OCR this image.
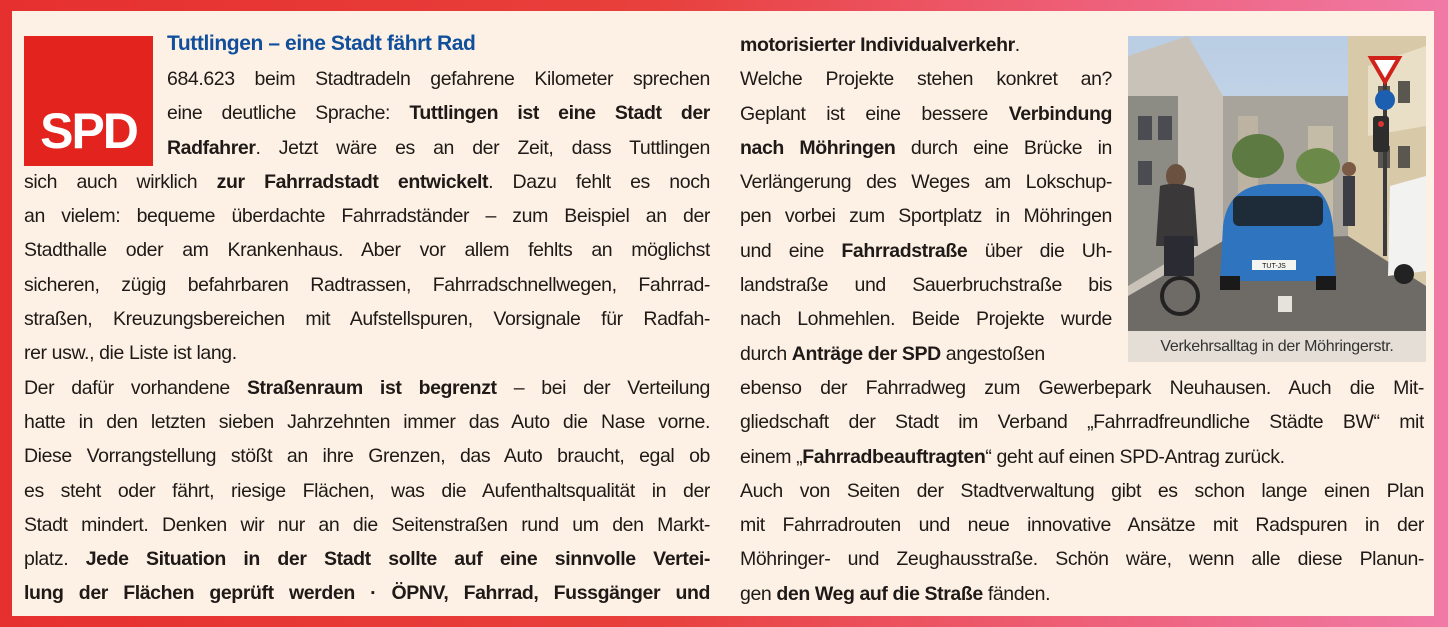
SPD
Tuttlingen – eine Stadt fährt Rad
684.623 beim Stadtradeln gefahrene Kilometer sprechen
eine deutliche Sprache: Tuttlingen ist eine Stadt der
Radfahrer. Jetzt wäre es an der Zeit, dass Tuttlingen
sich auch wirklich zur Fahrradstadt entwickelt. Dazu fehlt es noch
an vielem: bequeme überdachte Fahrradständer – zum Beispiel an der
Stadthalle oder am Krankenhaus. Aber vor allem fehlts an möglichst
sicheren, zügig befahrbaren Radtrassen, Fahrradschnellwegen, Fahrrad-
straßen, Kreuzungsbereichen mit Aufstellspuren, Vorsignale für Radfah-
rer usw., die Liste ist lang.
Der dafür vorhandene Straßenraum ist begrenzt – bei der Verteilung
hatte in den letzten sieben Jahrzehnten immer das Auto die Nase vorne.
Diese Vorrangstellung stößt an ihre Grenzen, das Auto braucht, egal ob
es steht oder fährt, riesige Flächen, was die Aufenthaltsqualität in der
Stadt mindert. Denken wir nur an die Seitenstraßen rund um den Markt-
platz. Jede Situation in der Stadt sollte auf eine sinnvolle Vertei-
lung der Flächen geprüft werden · ÖPNV, Fahrrad, Fussgänger und
motorisierter Individualverkehr.
Welche Projekte stehen konkret an?
Geplant ist eine bessere Verbindung
nach Möhringen durch eine Brücke in
Verlängerung des Weges am Lokschup-
pen vorbei zum Sportplatz in Möhringen
und eine Fahrradstraße über die Uh-
landstraße und Sauerbruchstraße bis
nach Lohmehlen. Beide Projekte wurde
durch Anträge der SPD angestoßen
ebenso der Fahrradweg zum Gewerbepark Neuhausen. Auch die Mit-
gliedschaft der Stadt im Verband „Fahrradfreundliche Städte BW“ mit
einem „Fahrradbeauftragten“ geht auf einen SPD-Antrag zurück.
Auch von Seiten der Stadtverwaltung gibt es schon lange einen Plan
mit Fahrradrouten und neue innovative Ansätze mit Radspuren in der
Möhringer- und Zeughausstraße. Schön wäre, wenn alle diese Planun-
gen den Weg auf die Straße fänden.
TUT-JS
Verkehrsalltag in der Möhringerstr.
